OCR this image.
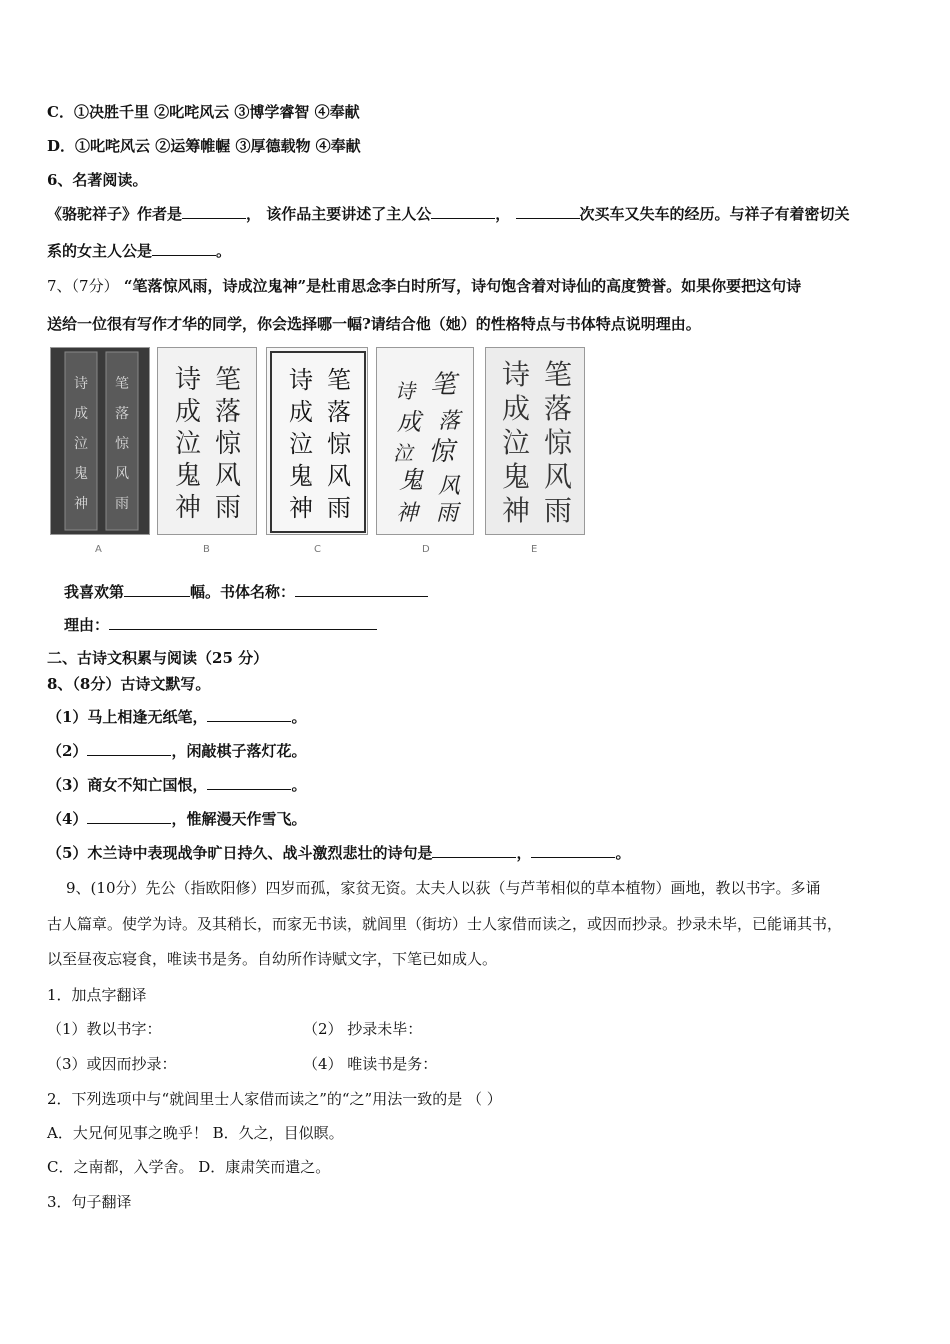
C．①决胜千里 ②叱咤风云 ③博学睿智 ④奉献
D．①叱咤风云 ②运筹帷幄 ③厚德载物 ④奉献
6、名著阅读。
《骆驼祥子》作者是	， 该作品主要讲述了主人公	，	次买车又失车的经历。与祥子有着密切关
系的女主人公是	。
7、（7分） “笔落惊风雨，诗成泣鬼神”是杜甫思念李白时所写，诗句饱含着对诗仙的高度赞誉。如果你要把这句诗
送给一位很有写作才华的同学，你会选择哪一幅?请结合他（她）的性格特点与书体特点说明理由。
笔
落
惊
风
雨
诗
成
泣
鬼
神
笔
落
惊
风
雨
诗
成
泣
鬼
神
笔
落
惊
风
雨
诗
成
泣
鬼
神
笔
落
惊
风
雨
诗
成
泣
鬼
神
笔
落
惊
风
雨
诗
成
泣
鬼
神
A	B	C	D	E
我喜欢第	幅。书体名称：
理由：
二、古诗文积累与阅读（25 分）
8、（8分）古诗文默写。
（1）马上相逢无纸笔，	。
（2）	，闲敲棋子落灯花。
（3）商女不知亡国恨，	。
（4）	，惟解漫天作雪飞。
（5）木兰诗中表现战争旷日持久、战斗激烈悲壮的诗句是	，	。
9、(10分）先公（指欧阳修）四岁而孤，家贫无资。太夫人以荻（与芦苇相似的草本植物）画地，教以书字。多诵
古人篇章。使学为诗。及其稍长，而家无书读，就闾里（街坊）士人家借而读之，或因而抄录。抄录未毕，已能诵其书，
以至昼夜忘寝食，唯读书是务。自幼所作诗赋文字，下笔已如成人。
1．加点字翻译
（1）教以书字：	（2） 抄录未毕：
（3）或因而抄录：	（4） 唯读书是务：
2．下列选项中与“就闾里士人家借而读之”的“之”用法一致的是 （ ）
A．大兄何见事之晚乎！ B．久之，目似瞑。
C．之南都，入学舍。 D．康肃笑而遣之。
3．句子翻译
